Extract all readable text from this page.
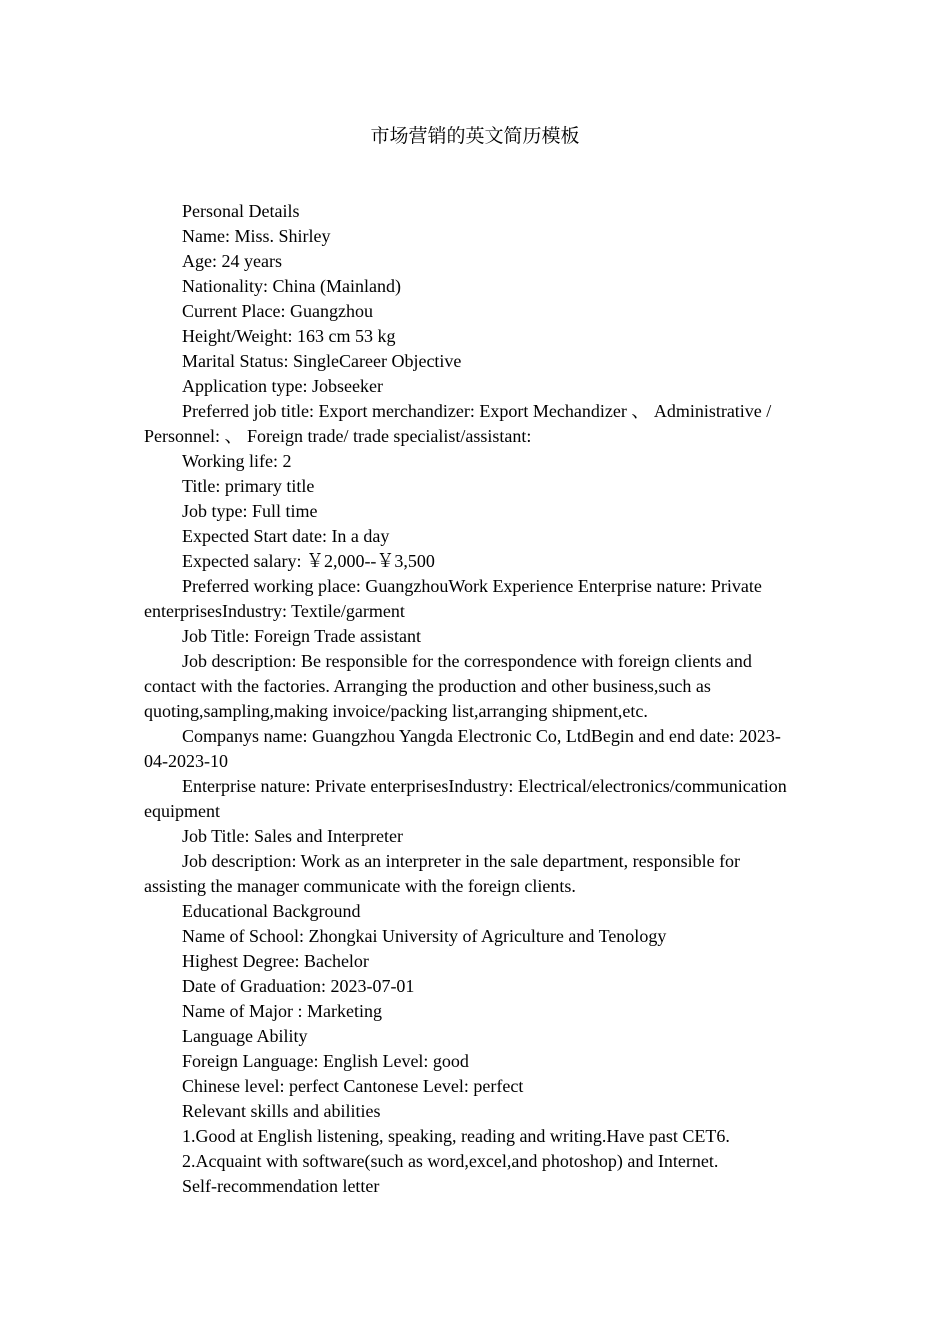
市场营销的英文简历模板

Personal Details

Name: Miss. Shirley

Age: 24 years

Nationality: China (Mainland)

Current Place: Guangzhou

Height/Weight: 163 cm 53 kg

Marital Status: SingleCareer Objective

Application type: Jobseeker

Preferred job title: Export merchandizer: Export Mechandizer 、 Administrative / Personnel: 、 Foreign trade/ trade specialist/assistant:

Working life: 2

Title: primary title

Job type: Full time

Expected Start date: In a day

Expected salary: ￥2,000--￥3,500

Preferred working place: GuangzhouWork Experience Enterprise nature: Private enterprisesIndustry: Textile/garment

Job Title: Foreign Trade assistant

Job description: Be responsible for the correspondence with foreign clients and contact with the factories. Arranging the production and other business,such as quoting,sampling,making invoice/packing list,arranging shipment,etc.

Companys name: Guangzhou Yangda Electronic Co, LtdBegin and end date: 2023-04-2023-10

Enterprise nature: Private enterprisesIndustry: Electrical/electronics/communication equipment

Job Title: Sales and Interpreter

Job description: Work as an interpreter in the sale department, responsible for assisting the manager communicate with the foreign clients.

Educational Background

Name of School: Zhongkai University of Agriculture and Tenology

Highest Degree: Bachelor

Date of Graduation: 2023-07-01

Name of Major : Marketing

Language Ability

Foreign Language: English Level: good

Chinese level: perfect Cantonese Level: perfect

Relevant skills and abilities

1.Good at English listening, speaking, reading and writing.Have past CET6.

2.Acquaint with software(such as word,excel,and photoshop) and Internet.

Self-recommendation letter
